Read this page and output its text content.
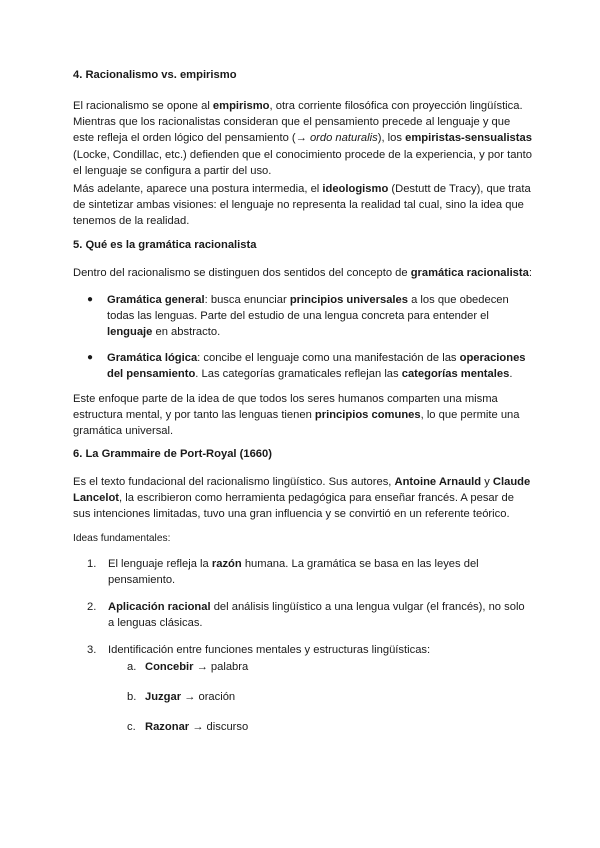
4. Racionalismo vs. empirismo

El racionalismo se opone al empirismo, otra corriente filosófica con proyección lingüística. Mientras que los racionalistas consideran que el pensamiento precede al lenguaje y que este refleja el orden lógico del pensamiento (→ ordo naturalis), los empiristas-sensualistas (Locke, Condillac, etc.) defienden que el conocimiento procede de la experiencia, y por tanto el lenguaje se configura a partir del uso.

Más adelante, aparece una postura intermedia, el ideologismo (Destutt de Tracy), que trata de sintetizar ambas visiones: el lenguaje no representa la realidad tal cual, sino la idea que tenemos de la realidad.

5. Qué es la gramática racionalista

Dentro del racionalismo se distinguen dos sentidos del concepto de gramática racionalista:

● Gramática general: busca enunciar principios universales a los que obedecen todas las lenguas. Parte del estudio de una lengua concreta para entender el lenguaje en abstracto.
● Gramática lógica: concibe el lenguaje como una manifestación de las operaciones del pensamiento. Las categorías gramaticales reflejan las categorías mentales.

Este enfoque parte de la idea de que todos los seres humanos comparten una misma estructura mental, y por tanto las lenguas tienen principios comunes, lo que permite una gramática universal.

6. La Grammaire de Port-Royal (1660)

Es el texto fundacional del racionalismo lingüístico. Sus autores, Antoine Arnauld y Claude Lancelot, la escribieron como herramienta pedagógica para enseñar francés. A pesar de sus intenciones limitadas, tuvo una gran influencia y se convirtió en un referente teórico.

Ideas fundamentales:

1. El lenguaje refleja la razón humana. La gramática se basa en las leyes del pensamiento.
2. Aplicación racional del análisis lingüístico a una lengua vulgar (el francés), no solo a lenguas clásicas.
3. Identificación entre funciones mentales y estructuras lingüísticas:
a. Concebir → palabra
b. Juzgar → oración
c. Razonar → discurso
